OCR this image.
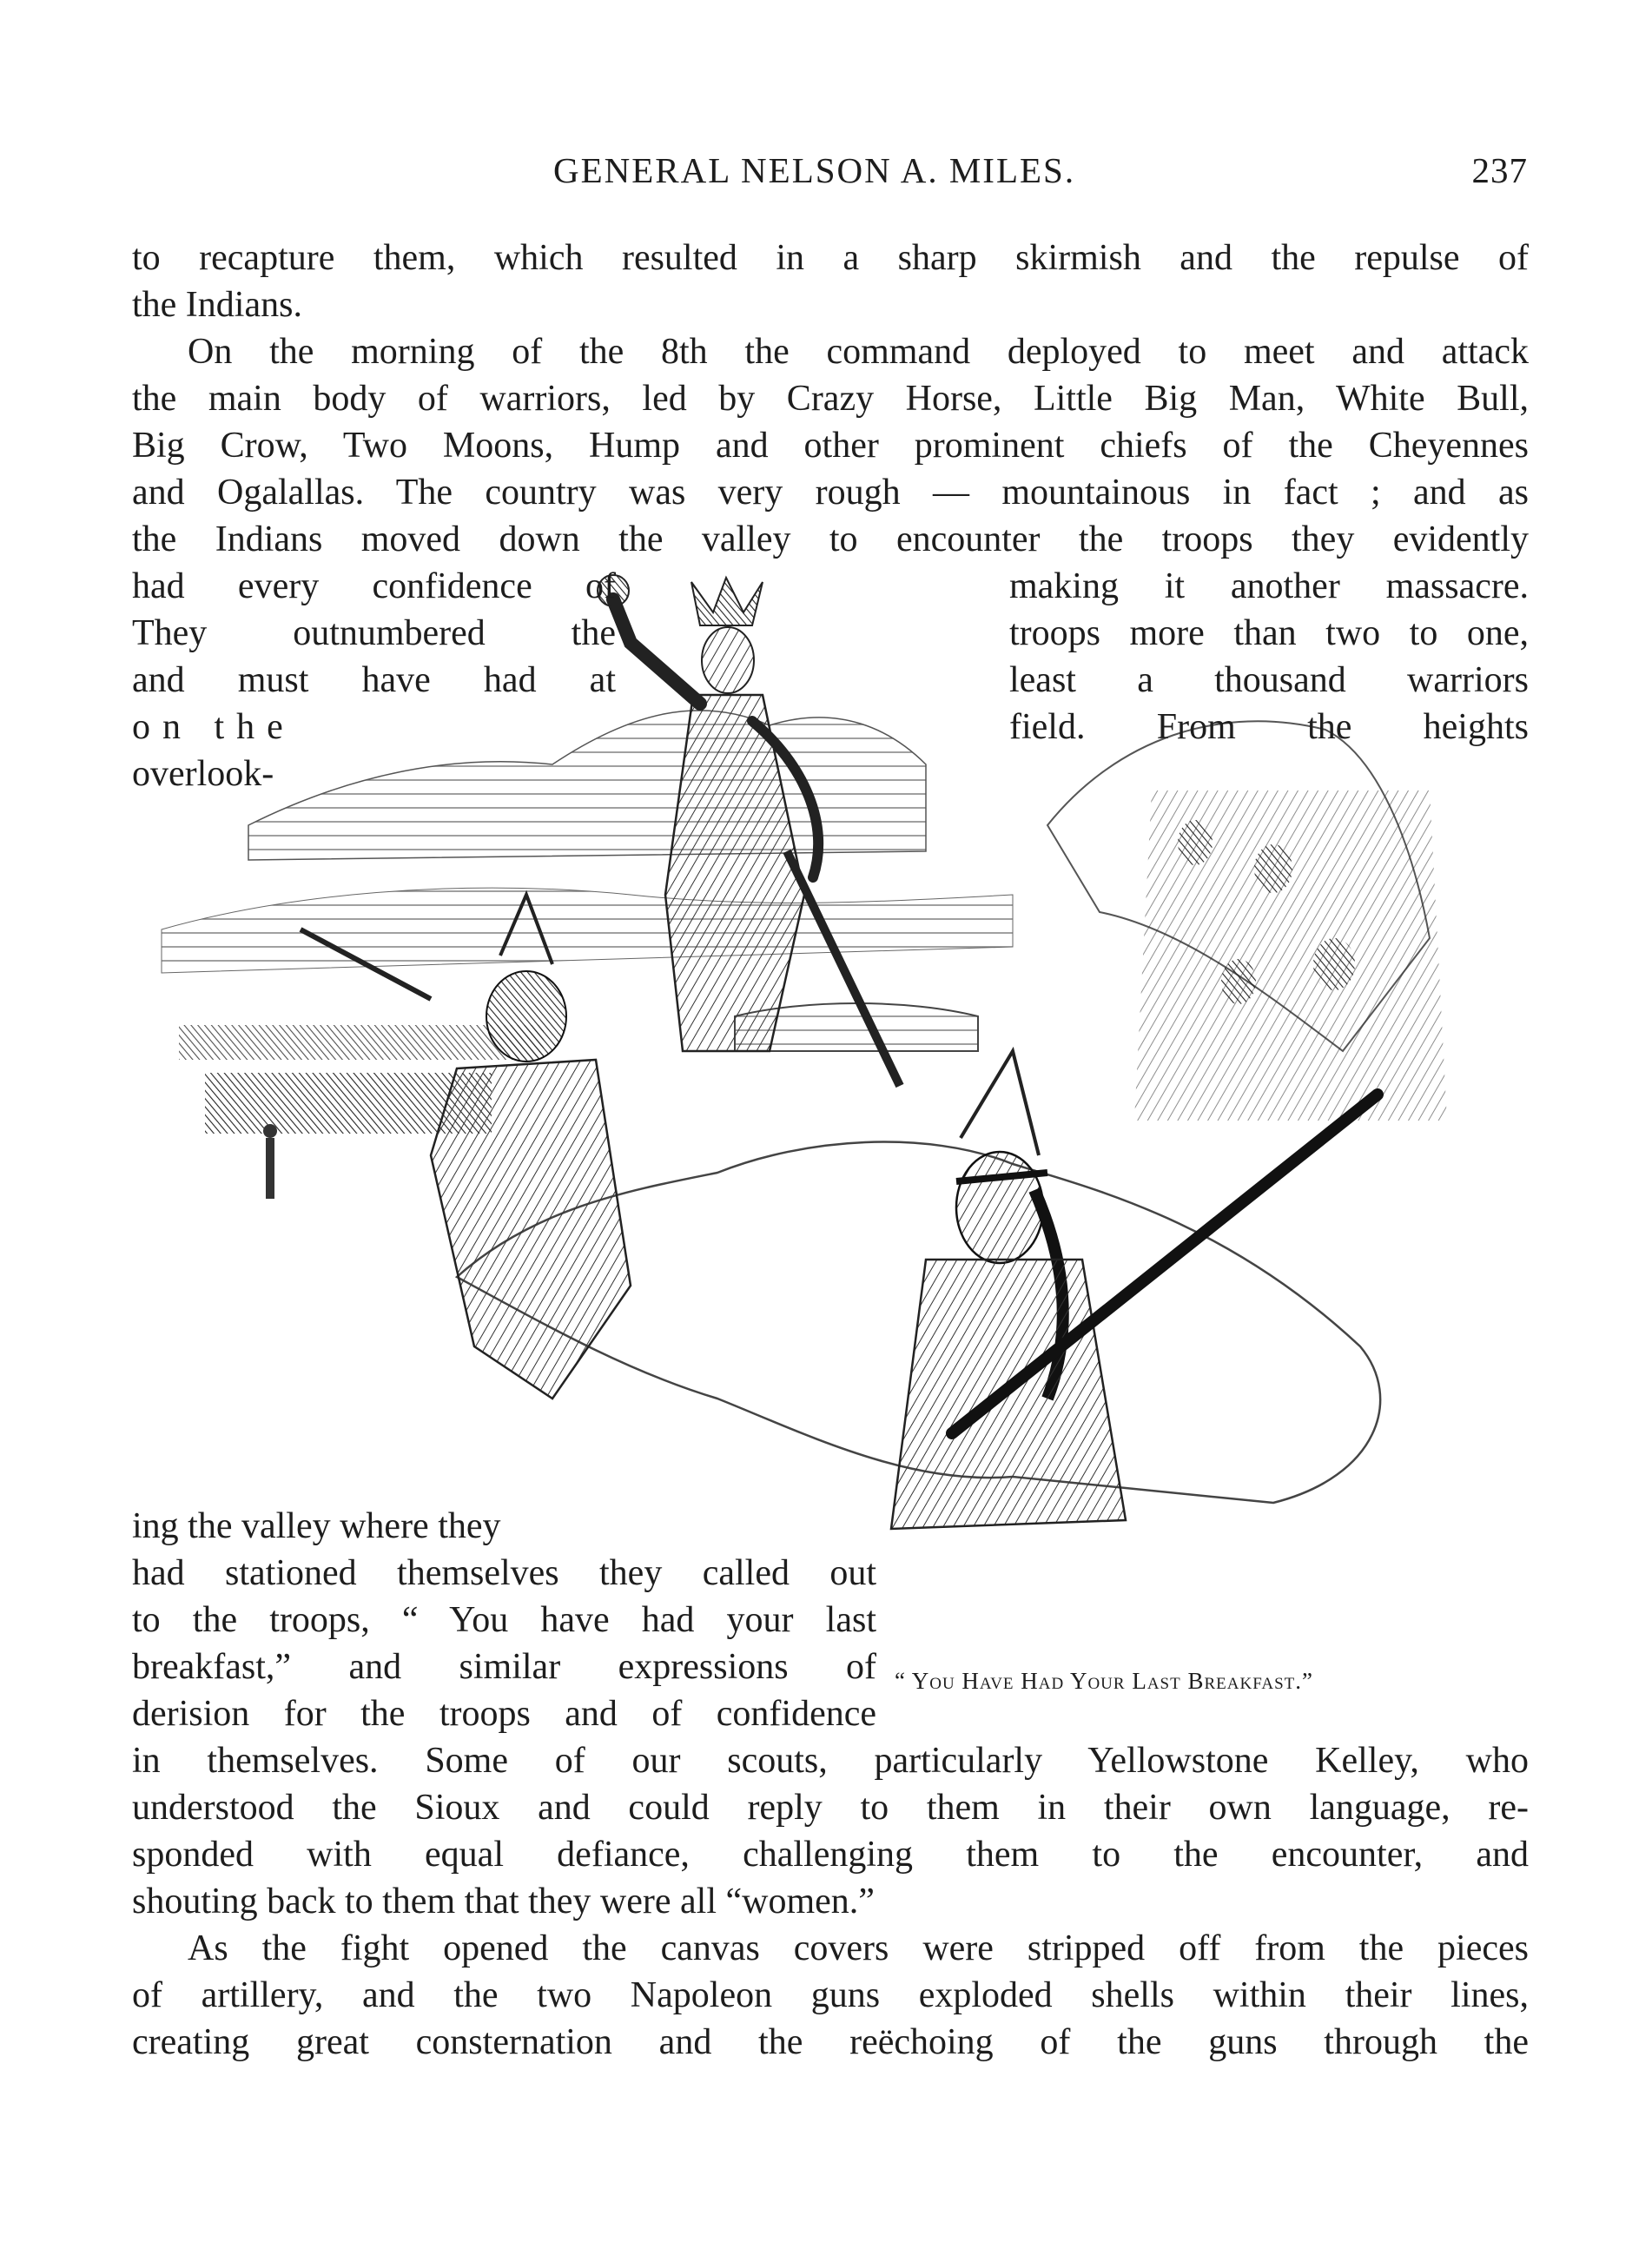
GENERAL NELSON A. MILES.	237
to recapture them, which resulted in a sharp skirmish and the repulse of
the Indians.
On the morning of the 8th the command deployed to meet and attack
the main body of warriors, led by Crazy Horse, Little Big Man, White Bull,
Big Crow, Two Moons, Hump and other prominent chiefs of the Cheyennes
and Ogalallas. The country was very rough — mountainous in fact ; and as
the Indians moved down the valley to encounter the troops they evidently
had every confidence of
They outnumbered the
and must have had at
on the
overlook-
making it another massacre.
troops more than two to one,
least a thousand warriors
field. From the heights
ing the valley where they
had stationed themselves they called out
to the troops, “ You have had your last
breakfast,” and similar expressions of
derision for the troops and of confidence
“ You Have Had Your Last Breakfast.”
in themselves. Some of our scouts, particularly Yellowstone Kelley, who
understood the Sioux and could reply to them in their own language, re-
sponded with equal defiance, challenging them to the encounter, and
shouting back to them that they were all “women.”
As the fight opened the canvas covers were stripped off from the pieces
of artillery, and the two Napoleon guns exploded shells within their lines,
creating great consternation and the reëchoing of the guns through the
